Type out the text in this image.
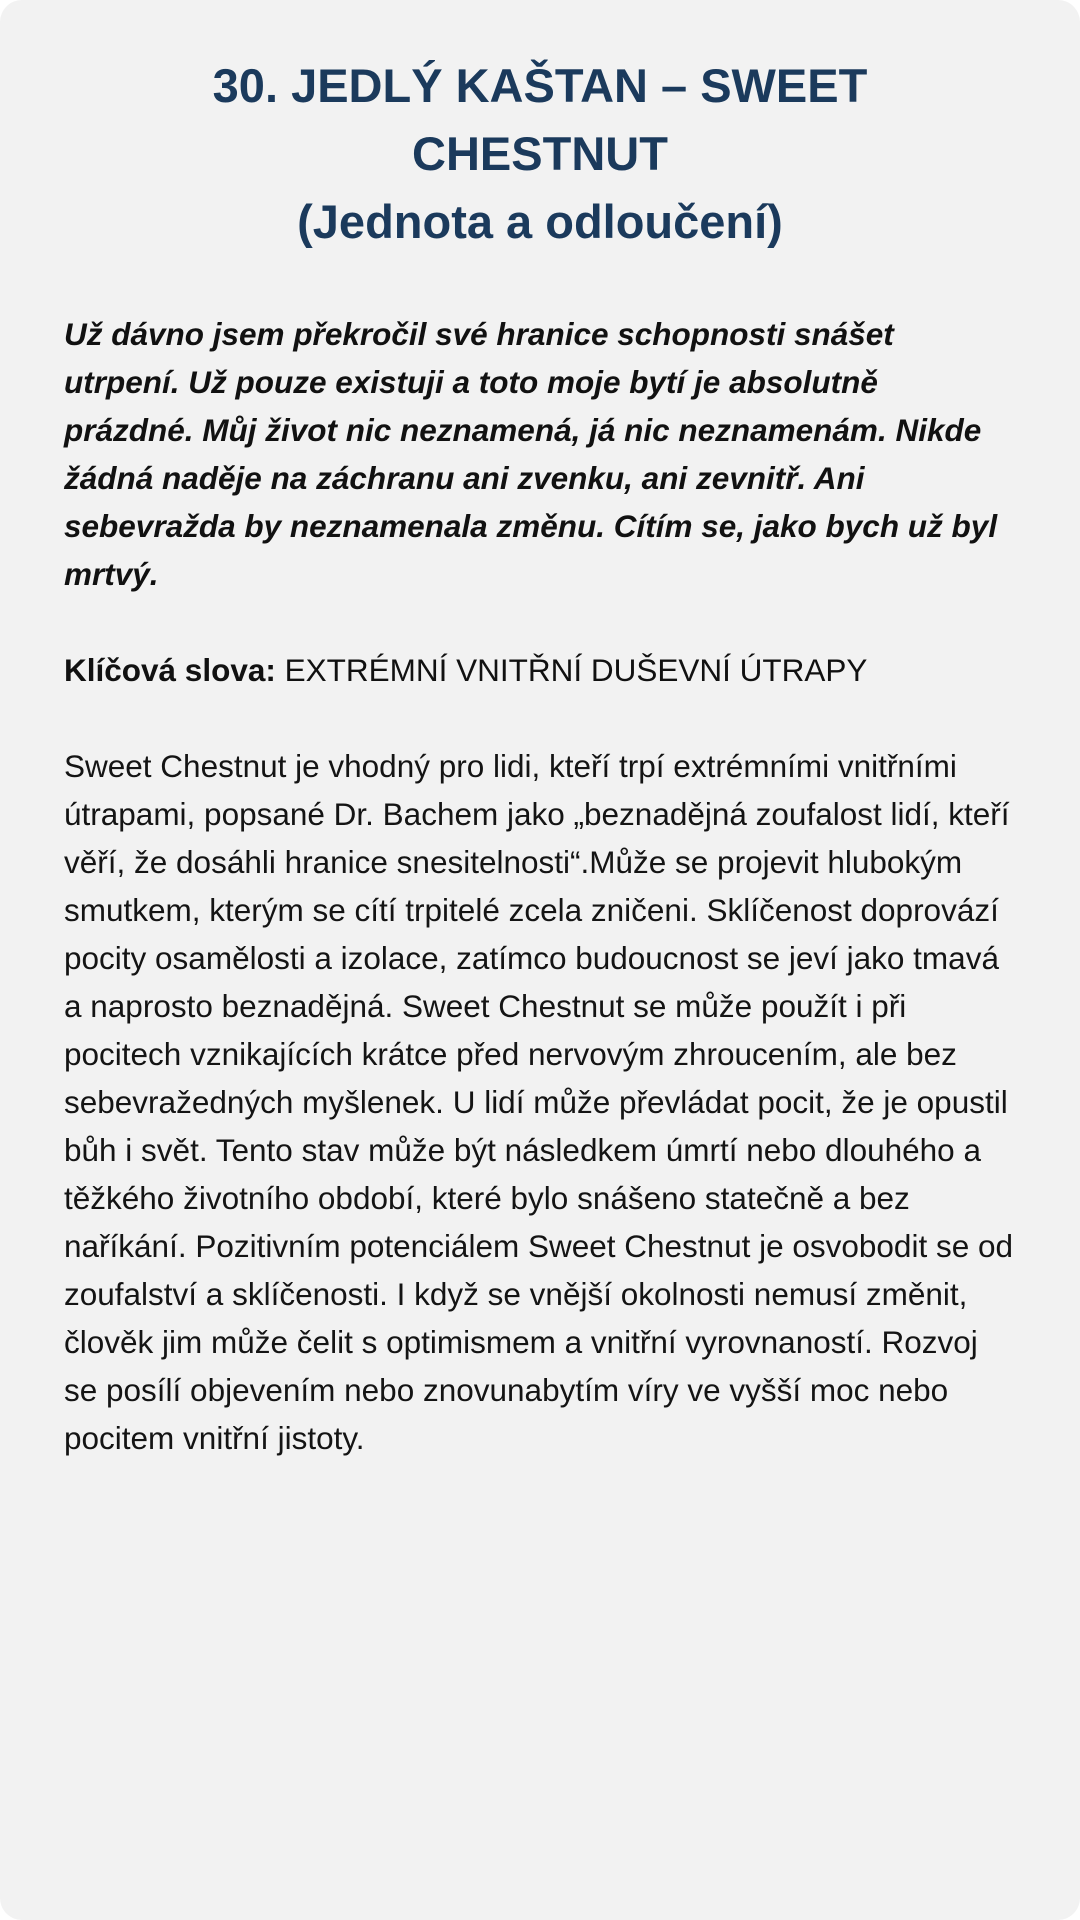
30. JEDLÝ KAŠTAN – SWEET
CHESTNUT
(Jednota a odloučení)

Už dávno jsem překročil své hranice schopnosti snášet utrpení. Už pouze existuji a toto moje bytí je absolutně prázdné. Můj život nic neznamená, já nic neznamenám. Nikde žádná naděje na záchranu ani zvenku, ani zevnitř. Ani sebevražda by neznamenala změnu. Cítím se, jako bych už byl mrtvý.

Klíčová slova: EXTRÉMNÍ VNITŘNÍ DUŠEVNÍ ÚTRAPY

Sweet Chestnut je vhodný pro lidi, kteří trpí extrémními vnitřními útrapami, popsané Dr. Bachem jako „beznadějná zoufalost lidí, kteří věří, že dosáhli hranice snesitelnosti“.Může se projevit hlubokým smutkem, kterým se cítí trpitelé zcela zničeni. Sklíčenost doprovází pocity osamělosti a izolace, zatímco budoucnost se jeví jako tmavá a naprosto beznadějná. Sweet Chestnut se může použít i při pocitech vznikajících krátce před nervovým zhroucením, ale bez sebevražedných myšlenek. U lidí může převládat pocit, že je opustil bůh i svět. Tento stav může být následkem úmrtí nebo dlouhého a těžkého životního období, které bylo snášeno statečně a bez naříkání. Pozitivním potenciálem Sweet Chestnut je osvobodit se od zoufalství a sklíčenosti. I když se vnější okolnosti nemusí změnit, člověk jim může čelit s optimismem a vnitřní vyrovnaností. Rozvoj se posílí objevením nebo znovunabytím víry ve vyšší moc nebo pocitem vnitřní jistoty.
